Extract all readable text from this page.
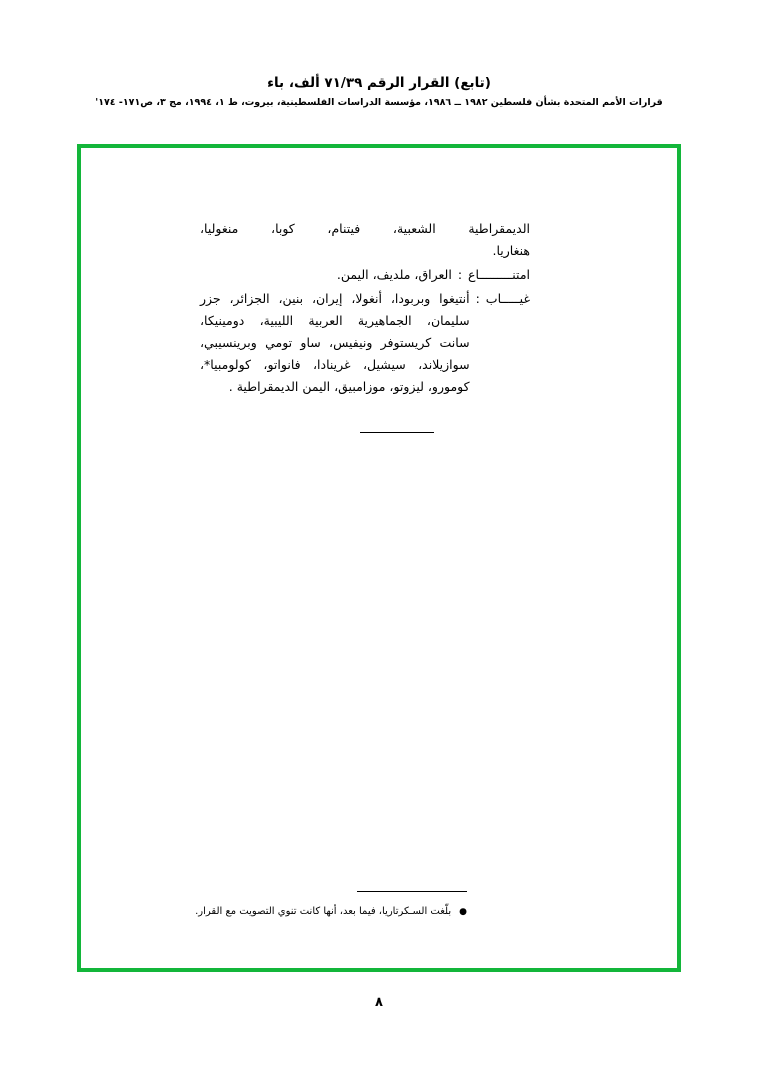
(تابع) القرار الرقم ٧١/٣٩ ألف، باء
قرارات الأمم المتحدة بشأن فلسطين ١٩٨٢ ــ ١٩٨٦، مؤسسة الدراسات الفلسطينية، بيروت، ط ١، ١٩٩٤، مج ٣، ص١٧١- ١٧٤'
الديمقراطية الشعبية، فيتنام، كوبا، منغوليا،
هنغاريا.
امتنـــــــــاع
:
العراق، ملديف، اليمن.
غيـــــاب
:
أنتيغوا وبربودا، أنغولا، إيران، بنين، الجزائر، جزر
سليمان، الجماهيرية العربية الليبية، دومينيكا،
سانت كريستوفر ونيفيس، ساو تومي وبرينسيبي،
سوازيلاند، سيشيل، غرينادا، فانواتو، كولومبيا*،
كومورو، ليزوتو، موزامبيق، اليمن الديمقراطية .
●
بلّغت السـكرتاريا، فيما بعد، أنها كانت تنوي التصويت مع القرار.
٨
